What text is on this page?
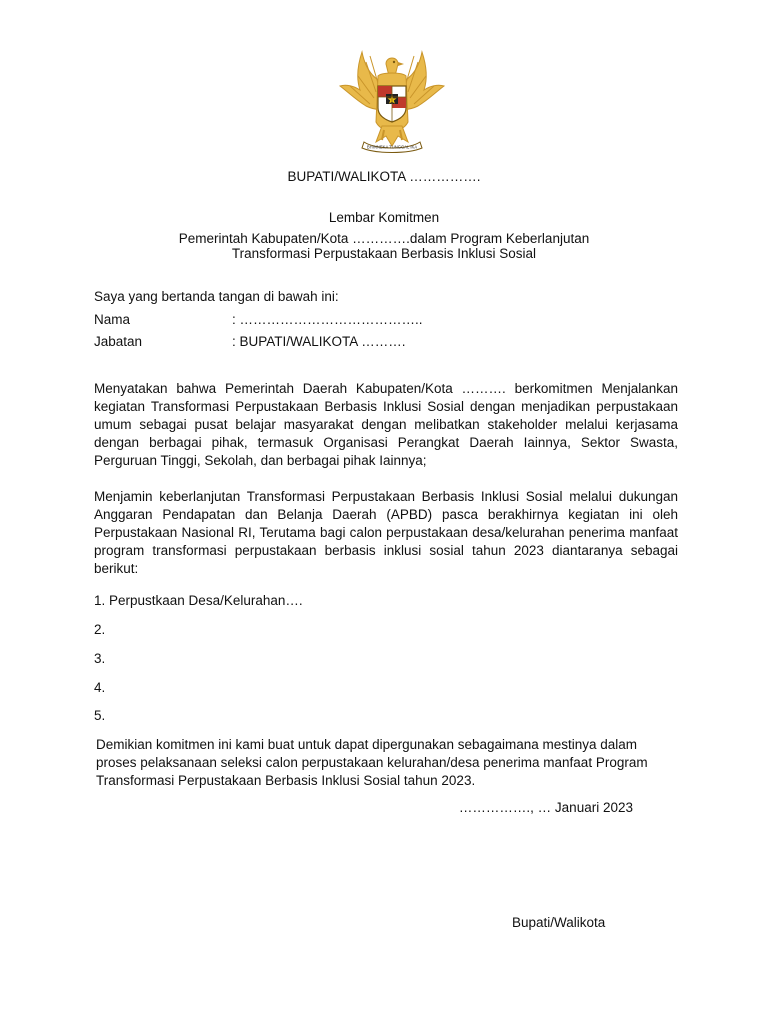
BHINNEKA TUNGGAL IKA
BUPATI/WALIKOTA …………….
Lembar Komitmen
Pemerintah Kabupaten/Kota ………….dalam Program Keberlanjutan
Transformasi Perpustakaan Berbasis Inklusi Sosial
Saya yang bertanda tangan di bawah ini:
Nama	: …………………………………..
Jabatan	: BUPATI/WALIKOTA ……….
Menyatakan bahwa Pemerintah Daerah Kabupaten/Kota ………. berkomitmen Menjalankan kegiatan Transformasi Perpustakaan Berbasis Inklusi Sosial dengan menjadikan perpustakaan umum sebagai pusat belajar masyarakat dengan melibatkan stakeholder melalui kerjasama dengan berbagai pihak, termasuk Organisasi Perangkat Daerah Iainnya, Sektor Swasta, Perguruan Tinggi, Sekolah, dan berbagai pihak Iainnya;
Menjamin keberlanjutan Transformasi Perpustakaan Berbasis Inklusi Sosial melalui dukungan Anggaran Pendapatan dan Belanja Daerah (APBD) pasca berakhirnya kegiatan ini oleh Perpustakaan Nasional RI, Terutama bagi calon perpustakaan desa/kelurahan penerima manfaat program transformasi perpustakaan berbasis inklusi sosial tahun 2023 diantaranya sebagai berikut:
1. Perpustkaan Desa/Kelurahan….
2.
3.
4.
5.
Demikian komitmen ini kami buat untuk dapat dipergunakan sebagaimana mestinya dalam proses pelaksanaan seleksi calon perpustakaan kelurahan/desa penerima manfaat Program Transformasi Perpustakaan Berbasis Inklusi Sosial tahun 2023.
……………., … Januari 2023
Bupati/Walikota
